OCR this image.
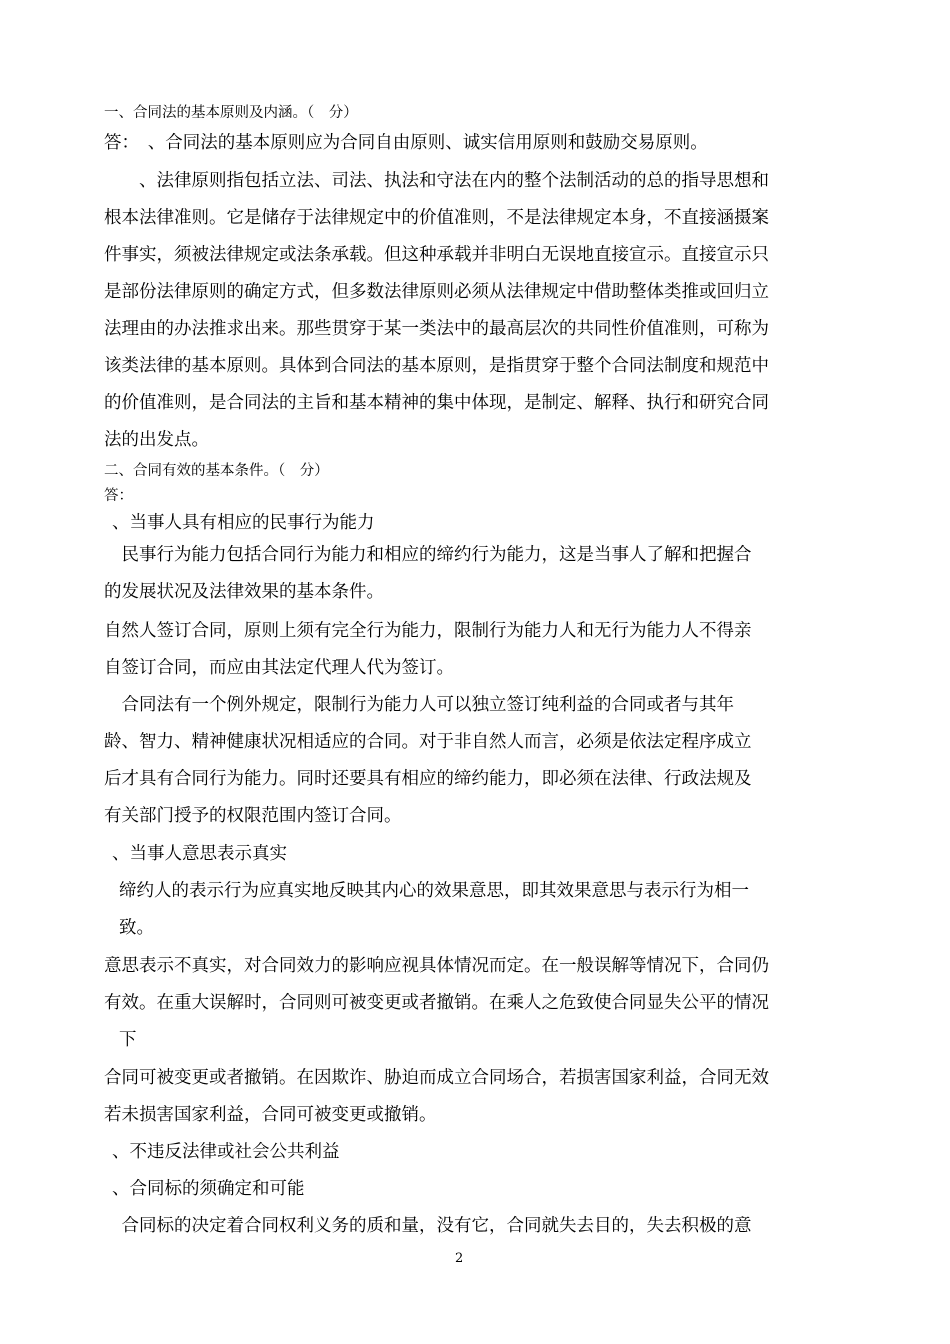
一、合同法的基本原则及内涵。（　分）
答：　、合同法的基本原则应为合同自由原则、诚实信用原则和鼓励交易原则。
　　、法律原则指包括立法、司法、执法和守法在内的整个法制活动的总的指导思想和
根本法律准则。它是储存于法律规定中的价值准则，不是法律规定本身，不直接涵摄案
件事实，须被法律规定或法条承载。但这种承载并非明白无误地直接宣示。直接宣示只
是部份法律原则的确定方式，但多数法律原则必须从法律规定中借助整体类推或回归立
法理由的办法推求出来。那些贯穿于某一类法中的最高层次的共同性价值准则，可称为
该类法律的基本原则。具体到合同法的基本原则，是指贯穿于整个合同法制度和规范中
的价值准则，是合同法的主旨和基本精神的集中体现，是制定、解释、执行和研究合同
法的出发点。
二、合同有效的基本条件。（　分）
答：
、当事人具有相应的民事行为能力
　民事行为能力包括合同行为能力和相应的缔约行为能力，这是当事人了解和把握合
的发展状况及法律效果的基本条件。
自然人签订合同，原则上须有完全行为能力，限制行为能力人和无行为能力人不得亲
自签订合同，而应由其法定代理人代为签订。
　合同法有一个例外规定，限制行为能力人可以独立签订纯利益的合同或者与其年
龄、智力、精神健康状况相适应的合同。对于非自然人而言，必须是依法定程序成立
后才具有合同行为能力。同时还要具有相应的缔约能力，即必须在法律、行政法规及
有关部门授予的权限范围内签订合同。
、当事人意思表示真实
缔约人的表示行为应真实地反映其内心的效果意思，即其效果意思与表示行为相一
致。
意思表示不真实，对合同效力的影响应视具体情况而定。在一般误解等情况下，合同仍
有效。在重大误解时，合同则可被变更或者撤销。在乘人之危致使合同显失公平的情况
下
合同可被变更或者撤销。在因欺诈、胁迫而成立合同场合，若损害国家利益，合同无效
若未损害国家利益，合同可被变更或撤销。
、不违反法律或社会公共利益
、合同标的须确定和可能
　合同标的决定着合同权利义务的质和量，没有它，合同就失去目的，失去积极的意
2
